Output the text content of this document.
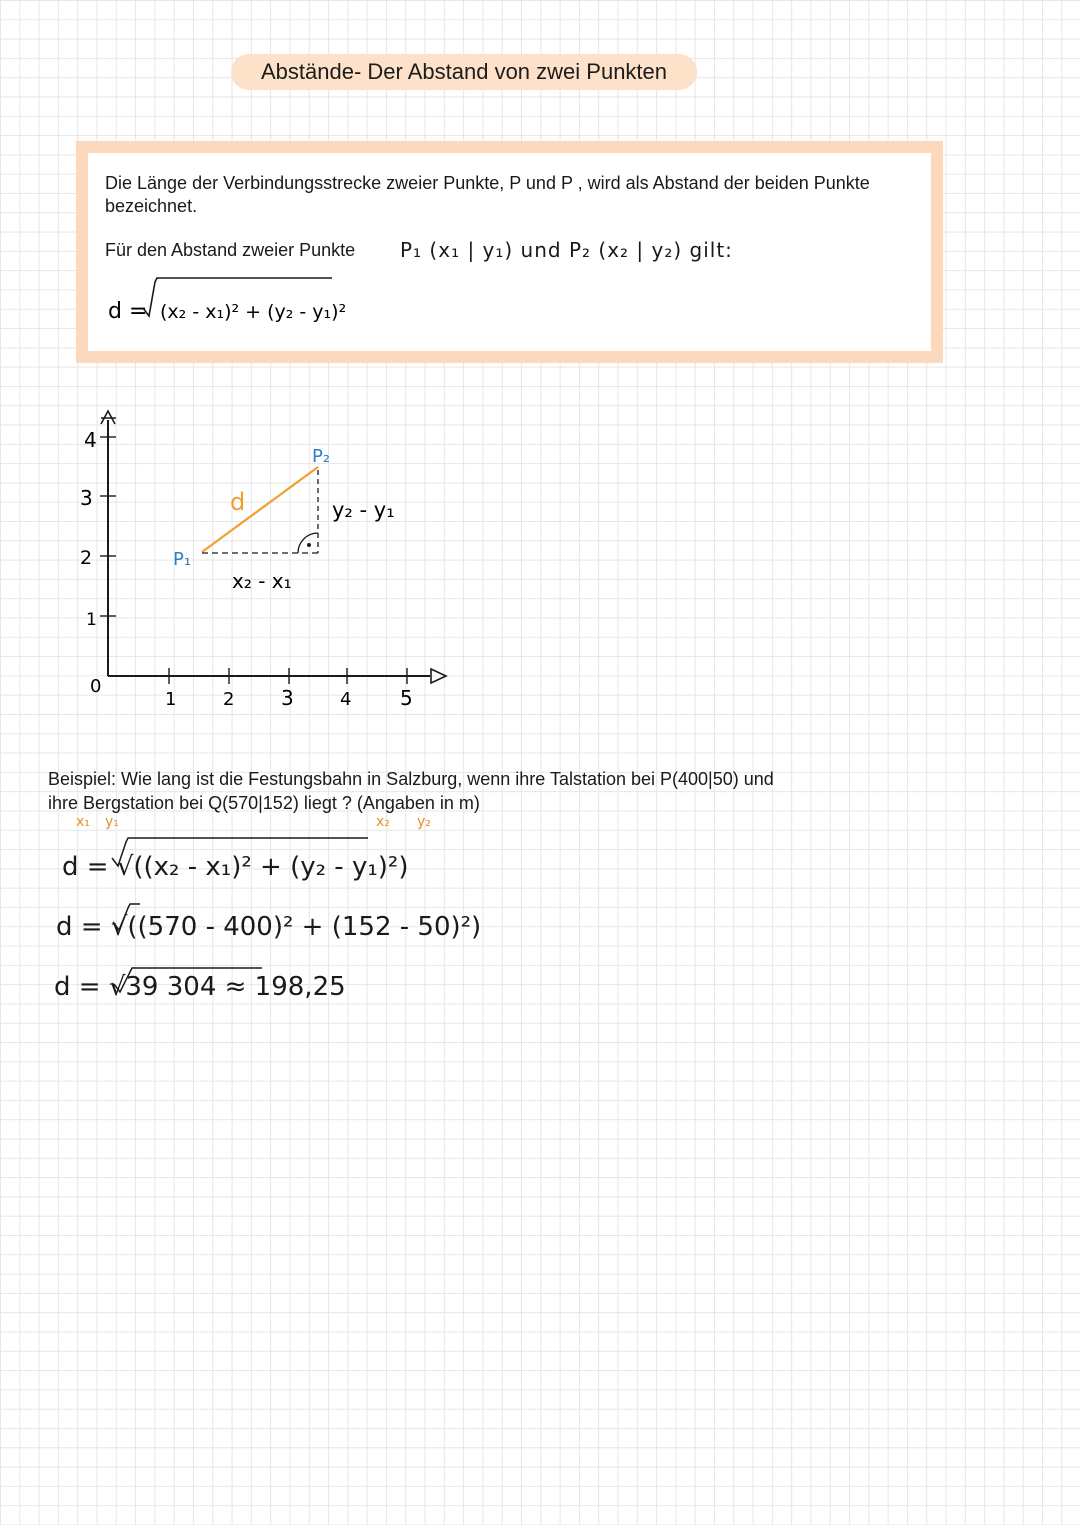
Abstände- Der Abstand von zwei Punkten

Die Länge der Verbindungsstrecke zweier Punkte, P und P , wird als Abstand der beiden Punkte bezeichnet.

Für den Abstand zweier Punkte P₁ (x₁ | y₁) und P₂ (x₂ | y₂) gilt:
d = (x₂ - x₁)² + (y₂ - y₁)²
1	2 3	4 5
1
2
3
4
0
P₁
P₂
d
x₂ - x₁
y₂ - y₁

Beispiel: Wie lang ist die Festungsbahn in Salzburg, wenn ihre Talstation bei P(400|50) und ihre Bergstation bei Q(570|152) liegt ? (Angaben in m)

x₁ y₁	x₂ y₂
d = √((x₂ - x₁)² + (y₂ - y₁)²)
d = √((570 - 400)² + (152 - 50)²)
d = √39 304 ≈ 198,25
